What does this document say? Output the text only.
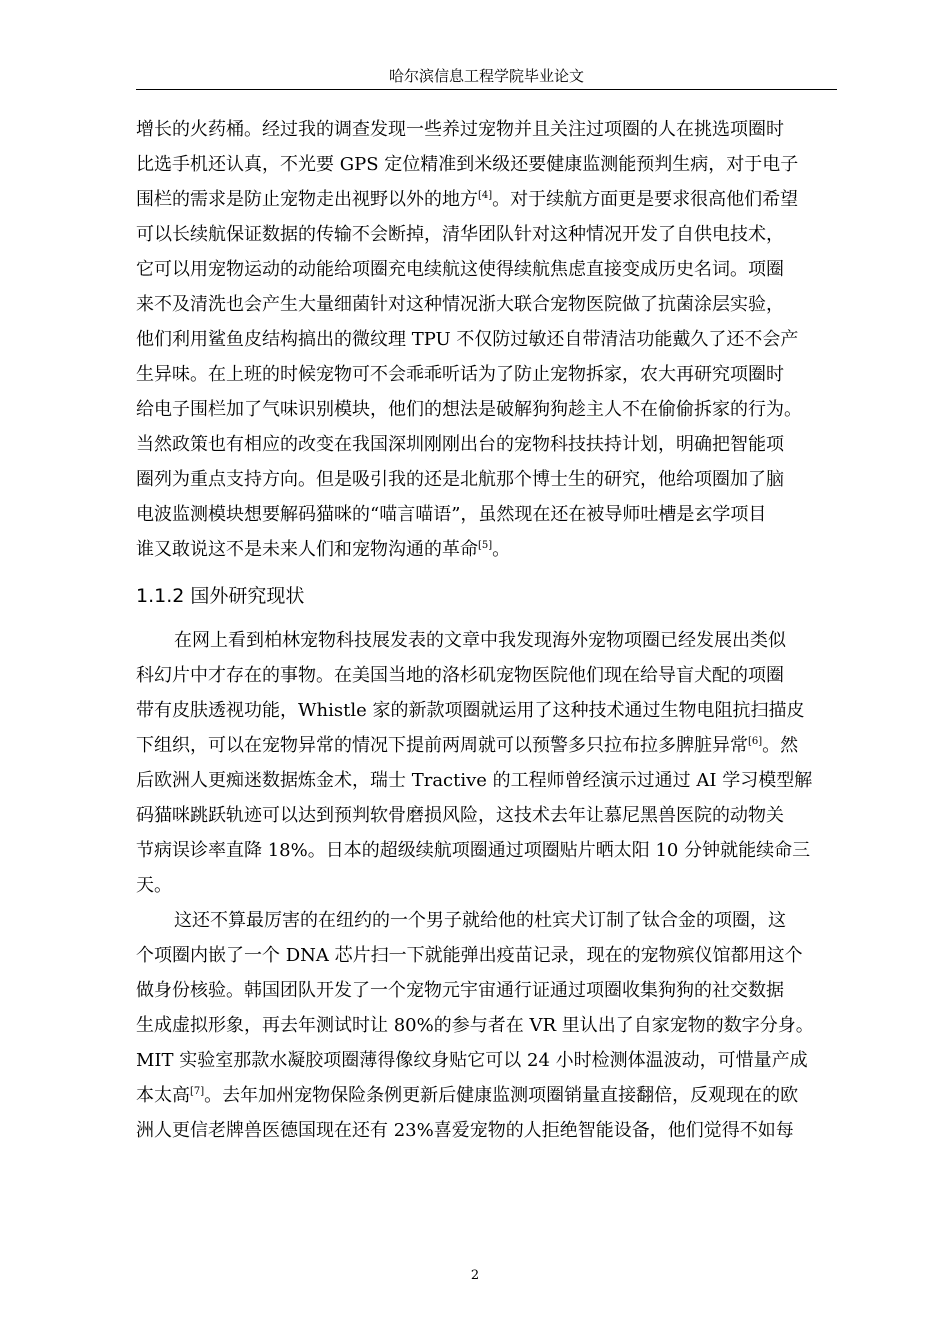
哈尔滨信息工程学院毕业论文
增长的火药桶。经过我的调查发现一些养过宠物并且关注过项圈的人在挑选项圈时
比选手机还认真，不光要 GPS 定位精准到米级还要健康监测能预判生病，对于电子
围栏的需求是防止宠物走出视野以外的地方[4]。对于续航方面更是要求很高他们希望
可以长续航保证数据的传输不会断掉，清华团队针对这种情况开发了自供电技术，
它可以用宠物运动的动能给项圈充电续航这使得续航焦虑直接变成历史名词。项圈
来不及清洗也会产生大量细菌针对这种情况浙大联合宠物医院做了抗菌涂层实验，
他们利用鲨鱼皮结构搞出的微纹理 TPU 不仅防过敏还自带清洁功能戴久了还不会产
生异味。在上班的时候宠物可不会乖乖听话为了防止宠物拆家，农大再研究项圈时
给电子围栏加了气味识别模块，他们的想法是破解狗狗趁主人不在偷偷拆家的行为。
当然政策也有相应的改变在我国深圳刚刚出台的宠物科技扶持计划，明确把智能项
圈列为重点支持方向。但是吸引我的还是北航那个博士生的研究，他给项圈加了脑
电波监测模块想要解码猫咪的“喵言喵语”，虽然现在还在被导师吐槽是玄学项目
谁又敢说这不是未来人们和宠物沟通的革命[5]。
1.1.2 国外研究现状
在网上看到柏林宠物科技展发表的文章中我发现海外宠物项圈已经发展出类似
科幻片中才存在的事物。在美国当地的洛杉矶宠物医院他们现在给导盲犬配的项圈
带有皮肤透视功能，Whistle 家的新款项圈就运用了这种技术通过生物电阻抗扫描皮
下组织，可以在宠物异常的情况下提前两周就可以预警多只拉布拉多脾脏异常[6]。然
后欧洲人更痴迷数据炼金术，瑞士 Tractive 的工程师曾经演示过通过 AI 学习模型解
码猫咪跳跃轨迹可以达到预判软骨磨损风险，这技术去年让慕尼黑兽医院的动物关
节病误诊率直降 18%。日本的超级续航项圈通过项圈贴片晒太阳 10 分钟就能续命三
天。
这还不算最厉害的在纽约的一个男子就给他的杜宾犬订制了钛合金的项圈，这
个项圈内嵌了一个 DNA 芯片扫一下就能弹出疫苗记录，现在的宠物殡仪馆都用这个
做身份核验。韩国团队开发了一个宠物元宇宙通行证通过项圈收集狗狗的社交数据
生成虚拟形象，再去年测试时让 80%的参与者在 VR 里认出了自家宠物的数字分身。
MIT 实验室那款水凝胶项圈薄得像纹身贴它可以 24 小时检测体温波动，可惜量产成
本太高[7]。去年加州宠物保险条例更新后健康监测项圈销量直接翻倍，反观现在的欧
洲人更信老牌兽医德国现在还有 23%喜爱宠物的人拒绝智能设备，他们觉得不如每
2
